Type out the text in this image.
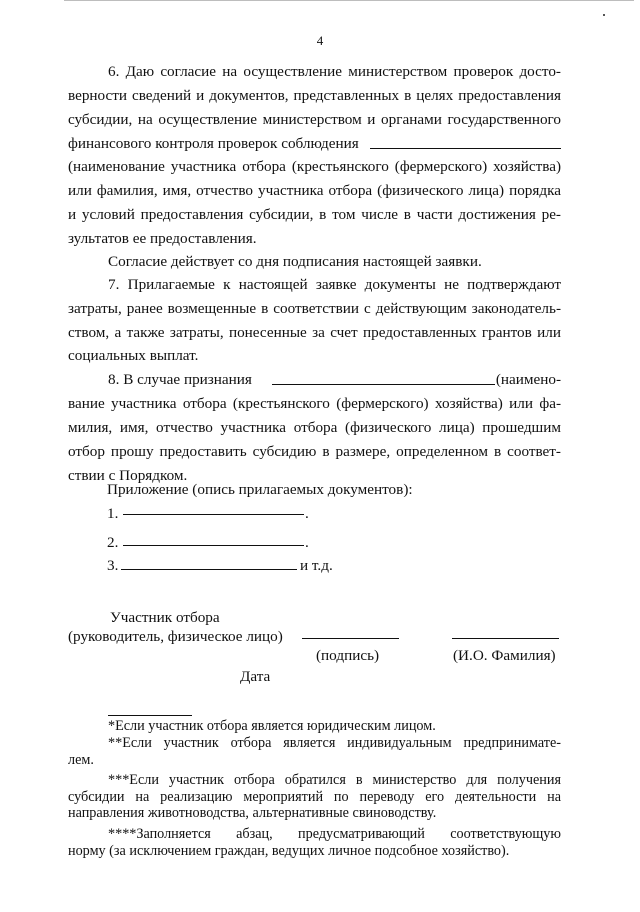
4
6. Даю согласие на осуществление министерством проверок досто-
верности сведений и документов, представленных в целях предоставления
субсидии, на осуществление министерством и органами государственного
финансового контроля проверок соблюдения
(наименование участника отбора (крестьянского (фермерского) хозяйства)
или фамилия, имя, отчество участника отбора (физического лица) порядка
и условий предоставления субсидии, в том числе в части достижения ре-
зультатов ее предоставления.
Согласие действует со дня подписания настоящей заявки.
7. Прилагаемые к настоящей заявке документы не подтверждают
затраты, ранее возмещенные в соответствии с действующим законодатель-
ством, а также затраты, понесенные за счет предоставленных грантов или
социальных выплат.
8. В случае признания	(наимено-
вание участника отбора (крестьянского (фермерского) хозяйства) или фа-
милия, имя, отчество участника отбора (физического лица) прошедшим
отбор прошу предоставить субсидию в размере, определенном в соответ-
ствии с Порядком.
Приложение (опись прилагаемых документов):
1.	.
2.	.
3.	и т.д.
Участник отбора
(руководитель, физическое лицо)
(подпись)	(И.О. Фамилия)
Дата
*Если участник отбора является юридическим лицом.
**Если участник отбора является индивидуальным предпринимате-
лем.
***Если участник отбора обратился в министерство для получения
субсидии на реализацию мероприятий по переводу его деятельности на
направления животноводства, альтернативные свиноводству.
****Заполняется абзац, предусматривающий соответствующую
норму (за исключением граждан, ведущих личное подсобное хозяйство).
